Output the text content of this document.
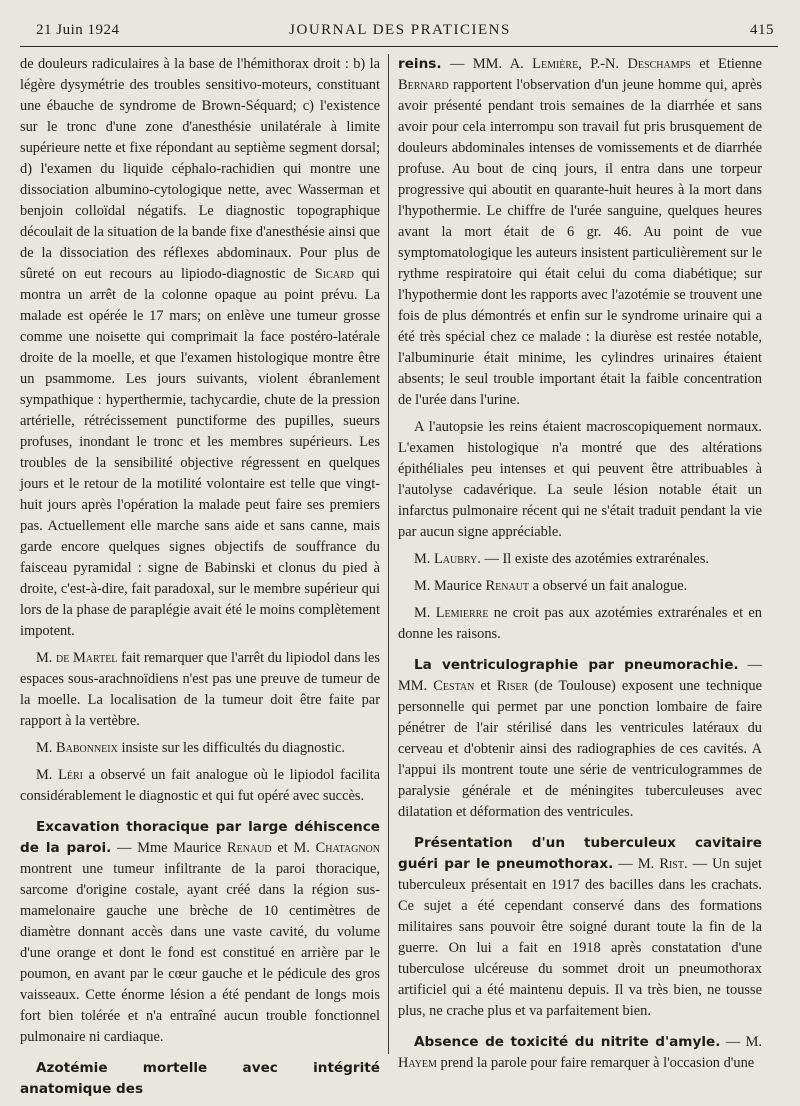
21 Juin 1924	JOURNAL DES PRATICIENS	415

de douleurs radiculaires à la base de l'hémithorax droit : b) la légère dysymétrie des troubles sensitivo-moteurs, constituant une ébauche de syndrome de Brown-Séquard; c) l'existence sur le tronc d'une zone d'anesthésie unilatérale à limite supérieure nette et fixe répondant au septième segment dorsal; d) l'examen du liquide céphalo-rachidien qui montre une dissociation albumino-cytologique nette, avec Wasserman et benjoin colloïdal négatifs. Le diagnostic topographique découlait de la situation de la bande fixe d'anesthésie ainsi que de la dissociation des réflexes abdominaux. Pour plus de sûreté on eut recours au lipiodo-diagnostic de Sicard qui montra un arrêt de la colonne opaque au point prévu. La malade est opérée le 17 mars; on enlève une tumeur grosse comme une noisette qui comprimait la face postéro-latérale droite de la moelle, et que l'examen histologique montre être un psammome. Les jours suivants, violent ébranlement sympathique : hyperthermie, tachycardie, chute de la pression artérielle, rétrécissement punctiforme des pupilles, sueurs profuses, inondant le tronc et les membres supérieurs. Les troubles de la sensibilité objective régressent en quelques jours et le retour de la motilité volontaire est telle que vingt-huit jours après l'opération la malade peut faire ses premiers pas. Actuellement elle marche sans aide et sans canne, mais garde encore quelques signes objectifs de souffrance du faisceau pyramidal : signe de Babinski et clonus du pied à droite, c'est-à-dire, fait paradoxal, sur le membre supérieur qui lors de la phase de paraplégie avait été le moins complètement impotent.

M. de Martel fait remarquer que l'arrêt du lipiodol dans les espaces sous-arachnoïdiens n'est pas une preuve de tumeur de la moelle. La localisation de la tumeur doit être faite par rapport à la vertèbre.

M. Babonneix insiste sur les difficultés du diagnostic.

M. Léri a observé un fait analogue où le lipiodol facilita considérablement le diagnostic et qui fut opéré avec succès.

Excavation thoracique par large déhiscence de la paroi. — Mme Maurice Renaud et M. Chatagnon montrent une tumeur infiltrante de la paroi thoracique, sarcome d'origine costale, ayant créé dans la région sus-mamelonaire gauche une brèche de 10 centimètres de diamètre donnant accès dans une vaste cavité, du volume d'une orange et dont le fond est constitué en arrière par le poumon, en avant par le cœur gauche et le pédicule des gros vaisseaux. Cette énorme lésion a été pendant de longs mois fort bien tolérée et n'a entraîné aucun trouble fonctionnel pulmonaire ni cardiaque.

Azotémie mortelle avec intégrité anatomique des

reins. — MM. A. Lemière, P.-N. Deschamps et Etienne Bernard rapportent l'observation d'un jeune homme qui, après avoir présenté pendant trois semaines de la diarrhée et sans avoir pour cela interrompu son travail fut pris brusquement de douleurs abdominales intenses de vomissements et de diarrhée profuse. Au bout de cinq jours, il entra dans une torpeur progressive qui aboutit en quarante-huit heures à la mort dans l'hypothermie. Le chiffre de l'urée sanguine, quelques heures avant la mort était de 6 gr. 46. Au point de vue symptomatologique les auteurs insistent particulièrement sur le rythme respiratoire qui était celui du coma diabétique; sur l'hypothermie dont les rapports avec l'azotémie se trouvent une fois de plus démontrés et enfin sur le syndrome urinaire qui a été très spécial chez ce malade : la diurèse est restée notable, l'albuminurie était minime, les cylindres urinaires étaient absents; le seul trouble important était la faible concentration de l'urée dans l'urine.

A l'autopsie les reins étaient macroscopiquement normaux. L'examen histologique n'a montré que des altérations épithéliales peu intenses et qui peuvent être attribuables à l'autolyse cadavérique. La seule lésion notable était un infarctus pulmonaire récent qui ne s'était traduit pendant la vie par aucun signe appréciable.

M. Laubry. — Il existe des azotémies extrarénales.

M. Maurice Renaut a observé un fait analogue.

M. Lemierre ne croit pas aux azotémies extrarénales et en donne les raisons.

La ventriculographie par pneumorachie. — MM. Cestan et Riser (de Toulouse) exposent une technique personnelle qui permet par une ponction lombaire de faire pénétrer de l'air stérilisé dans les ventricules latéraux du cerveau et d'obtenir ainsi des radiographies de ces cavités. A l'appui ils montrent toute une série de ventriculogrammes de paralysie générale et de méningites tuberculeuses avec dilatation et déformation des ventricules.

Présentation d'un tuberculeux cavitaire guéri par le pneumothorax. — M. Rist. — Un sujet tuberculeux présentait en 1917 des bacilles dans les crachats. Ce sujet a été cependant conservé dans des formations militaires sans pouvoir être soigné durant toute la fin de la guerre. On lui a fait en 1918 après constatation d'une tuberculose ulcéreuse du sommet droit un pneumothorax artificiel qui a été maintenu depuis. Il va très bien, ne tousse plus, ne crache plus et va parfaitement bien.

Absence de toxicité du nitrite d'amyle. — M. Hayem prend la parole pour faire remarquer à l'occasion d'une
